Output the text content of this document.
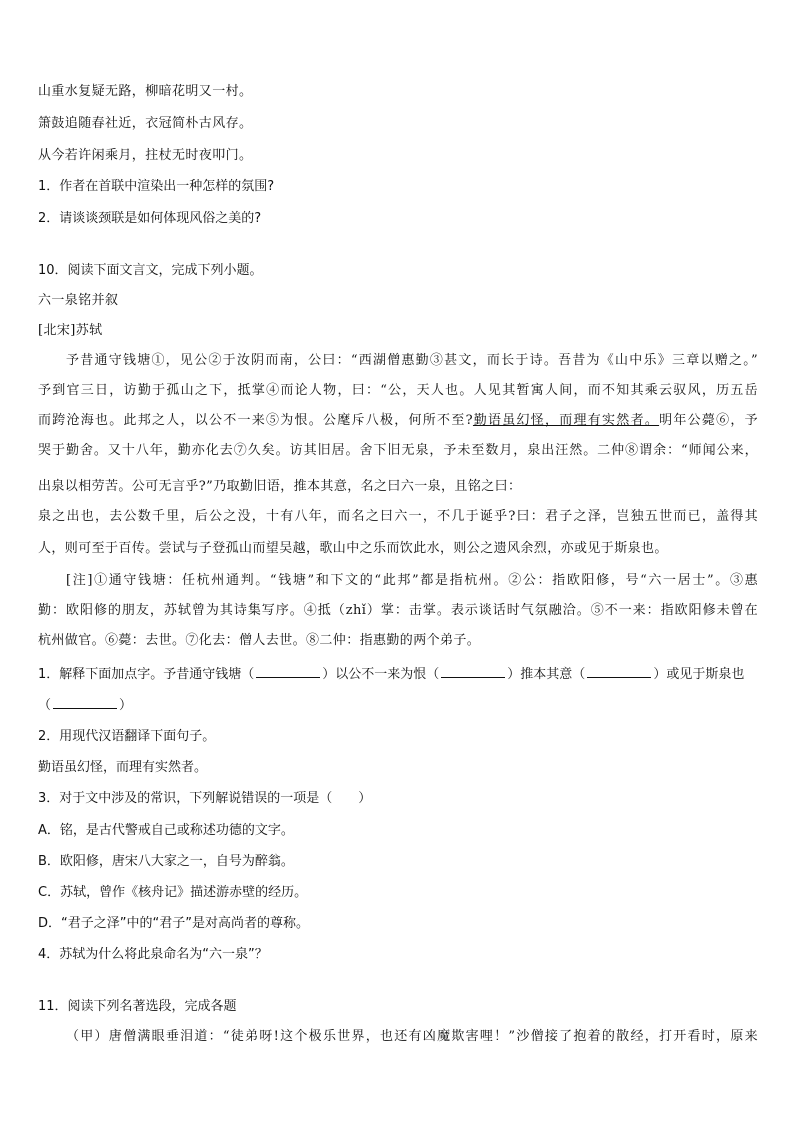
山重水复疑无路，柳暗花明又一村。
箫鼓追随春社近，衣冠简朴古风存。
从今若许闲乘月，拄杖无时夜叩门。
1．作者在首联中渲染出一种怎样的氛围?
2．请谈谈颈联是如何体现风俗之美的?
10．阅读下面文言文，完成下列小题。
六一泉铭并叙
[北宋]苏轼
予昔通守钱塘①，见公②于汝阴而南，公曰：“西湖僧惠勤③甚文，而长于诗。吾昔为《山中乐》三章以赠之。”
予到官三日，访勤于孤山之下，抵掌④而论人物，曰：“公，天人也。人见其暂寓人间，而不知其乘云驭风，历五岳
而跨沧海也。此邦之人，以公不一来⑤为恨。公麾斥八极，何所不至?勤语虽幻怪，而理有实然者。明年公薨⑥，予
哭于勤舍。又十八年，勤亦化去⑦久矣。访其旧居。舍下旧无泉，予未至数月，泉出汪然。二仲⑧谓余：“师闻公来，
出泉以相劳苦。公可无言乎?”乃取勤旧语，推本其意，名之曰六一泉，且铭之曰：
泉之出也，去公数千里，后公之没，十有八年，而名之曰六一，不几于诞乎?曰：君子之泽，岂独五世而已，盖得其
人，则可至于百传。尝试与子登孤山而望吴越，歌山中之乐而饮此水，则公之遗风余烈，亦或见于斯泉也。
[注]①通守钱塘：任杭州通判。“钱塘”和下文的“此邦”都是指杭州。②公：指欧阳修，号“六一居士”。③惠
勤：欧阳修的朋友，苏轼曾为其诗集写序。④抵（zhǐ）掌：击掌。表示谈话时气氛融洽。⑤不一来：指欧阳修未曾在
杭州做官。⑥薨：去世。⑦化去：僧人去世。⑧二仲：指惠勤的两个弟子。
1．解释下面加点字。予昔通守钱塘（	）以公不一来为恨（	）推本其意（	）或见于斯泉也
（	）
2．用现代汉语翻译下面句子。
勤语虽幻怪，而理有实然者。
3．对于文中涉及的常识，下列解说错误的一项是（　　）
A．铭，是古代警戒自己或称述功德的文字。
B．欧阳修，唐宋八大家之一，自号为醉翁。
C．苏轼，曾作《核舟记》描述游赤壁的经历。
D．“君子之泽”中的“君子”是对高尚者的尊称。
4．苏轼为什么将此泉命名为“六一泉”？
11．阅读下列名著选段，完成各题
（甲）唐僧满眼垂泪道：“徒弟呀!这个极乐世界，也还有凶魔欺害哩！”沙僧接了抱着的散经，打开看时，原来
